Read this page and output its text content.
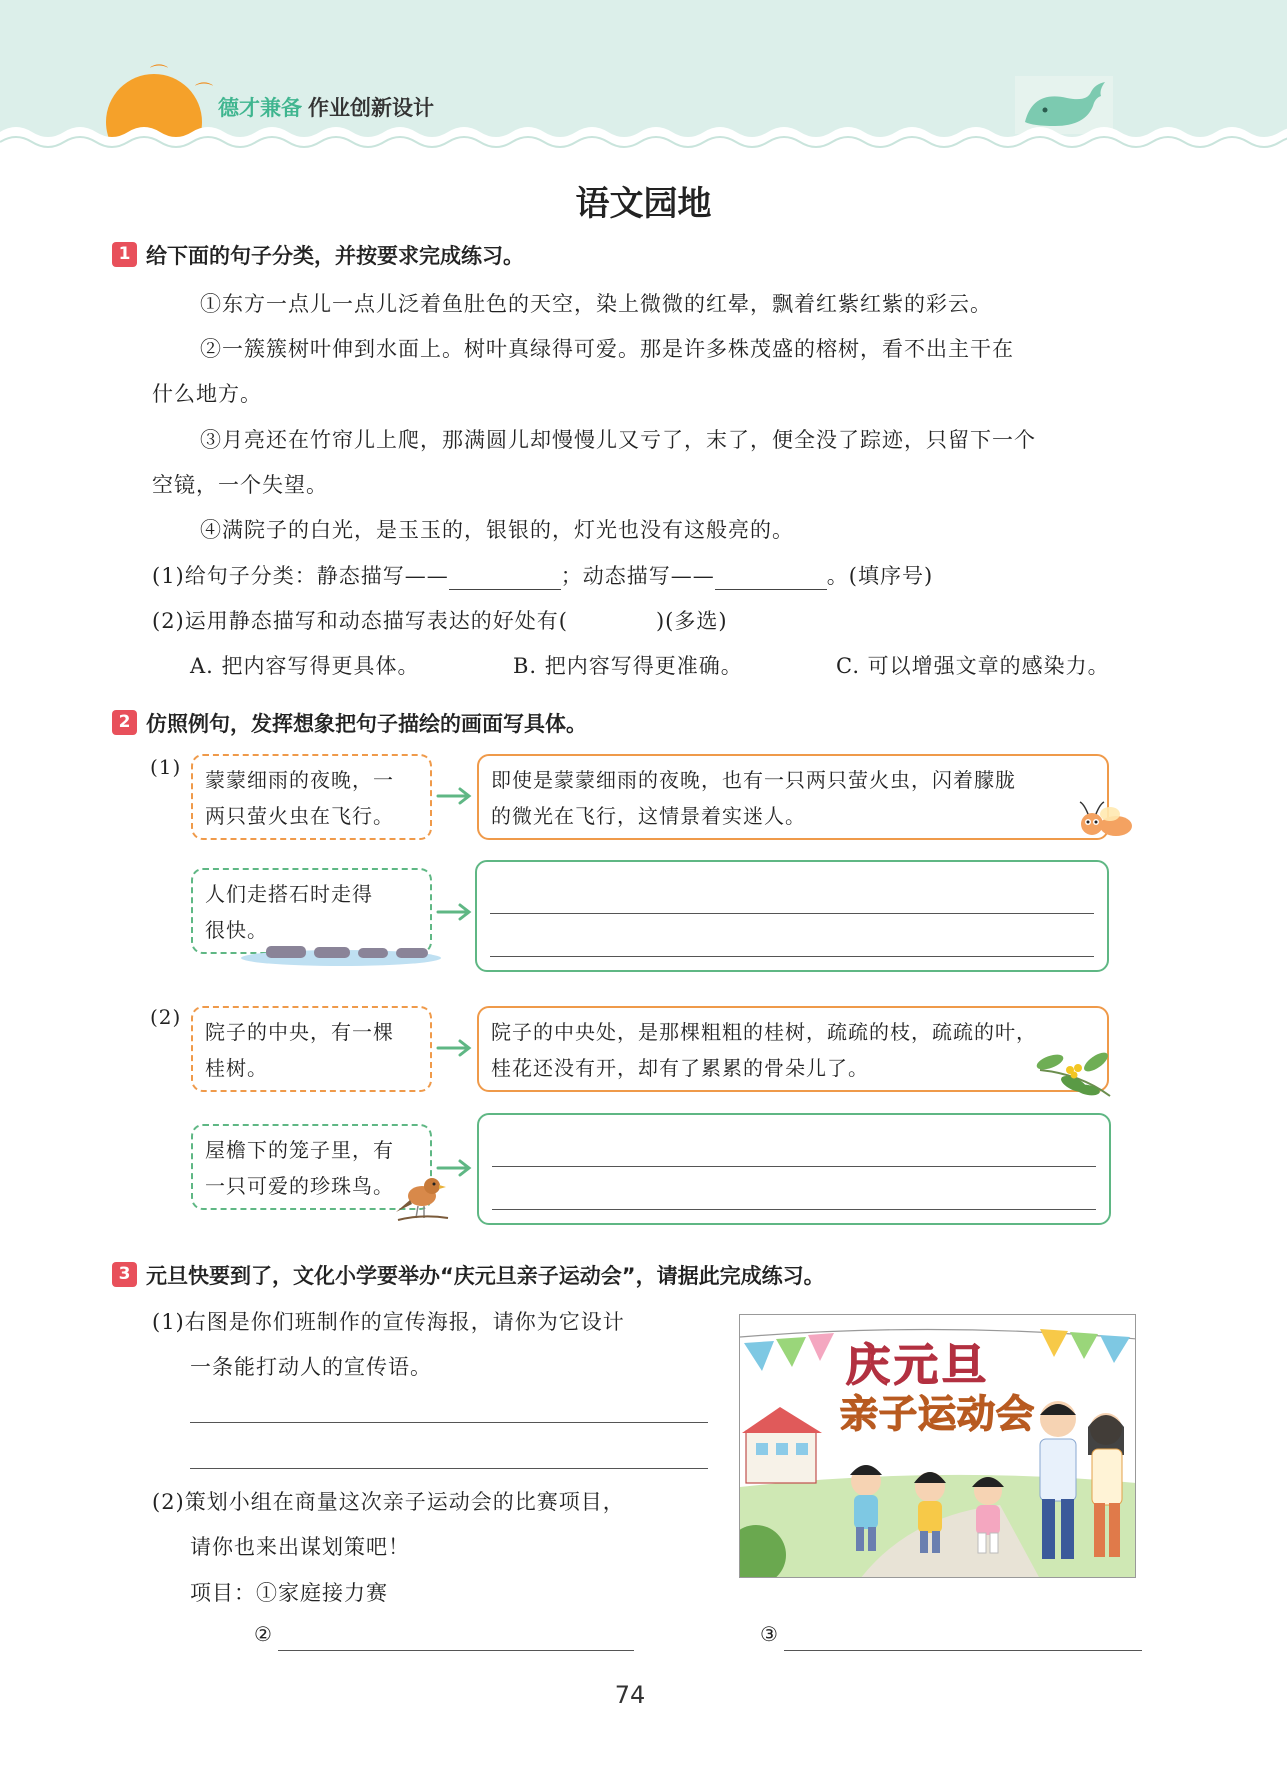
⌒
⌒
德才兼备 作业创新设计
语文园地
1 给下面的句子分类，并按要求完成练习。
①东方一点儿一点儿泛着鱼肚色的天空，染上微微的红晕，飘着红紫红紫的彩云。
②一簇簇树叶伸到水面上。树叶真绿得可爱。那是许多株茂盛的榕树，看不出主干在
什么地方。
③月亮还在竹帘儿上爬，那满圆儿却慢慢儿又亏了，末了，便全没了踪迹，只留下一个
空镜，一个失望。
④满院子的白光，是玉玉的，银银的，灯光也没有这般亮的。
(1)给句子分类：静态描写——	；动态描写——	。(填序号)
(2)运用静态描写和动态描写表达的好处有(	)(多选)
A. 把内容写得更具体。	B. 把内容写得更准确。	C. 可以增强文章的感染力。
2 仿照例句，发挥想象把句子描绘的画面写具体。
(1)
蒙蒙细雨的夜晚，一
两只萤火虫在飞行。
即使是蒙蒙细雨的夜晚，也有一只两只萤火虫，闪着朦胧
的微光在飞行，这情景着实迷人。
人们走搭石时走得
很快。
(2)
院子的中央，有一棵
桂树。
院子的中央处，是那棵粗粗的桂树，疏疏的枝，疏疏的叶，
桂花还没有开，却有了累累的骨朵儿了。
屋檐下的笼子里，有
一只可爱的珍珠鸟。
3 元旦快要到了，文化小学要举办“庆元旦亲子运动会”，请据此完成练习。
(1)右图是你们班制作的宣传海报，请你为它设计
一条能打动人的宣传语。
(2)策划小组在商量这次亲子运动会的比赛项目，
请你也来出谋划策吧！
项目：①家庭接力赛
②	③
庆元旦
亲子运动会
74
